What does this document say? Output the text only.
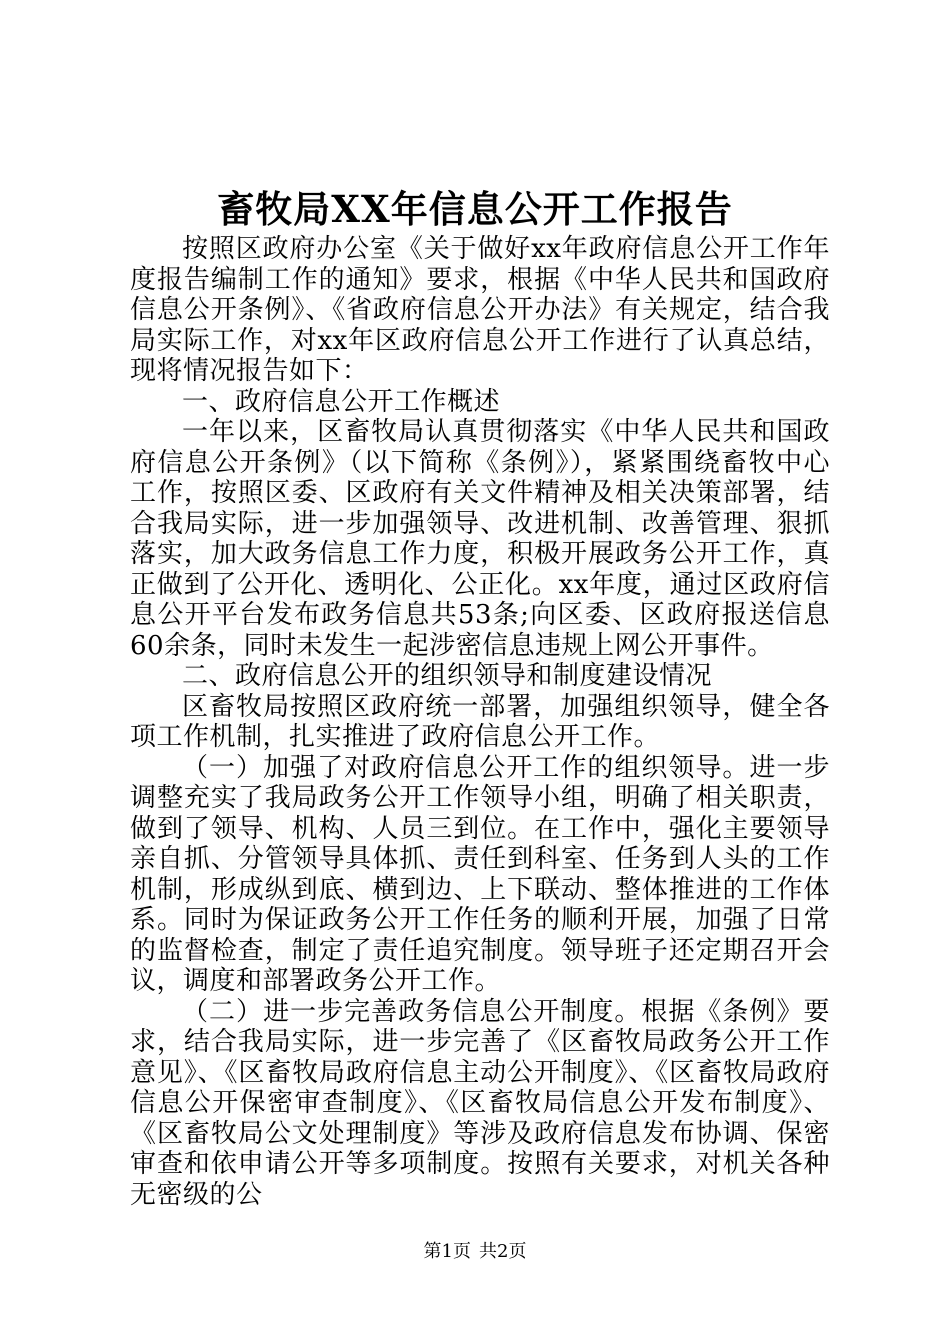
畜牧局XX年信息公开工作报告

按照区政府办公室《关于做好xx年政府信息公开工作年度报告编制工作的通知》要求，根据《中华人民共和国政府信息公开条例》、《省政府信息公开办法》有关规定，结合我局实际工作，对xx年区政府信息公开工作进行了认真总结，现将情况报告如下：

一、政府信息公开工作概述

一年以来，区畜牧局认真贯彻落实《中华人民共和国政府信息公开条例》（以下简称《条例》），紧紧围绕畜牧中心工作，按照区委、区政府有关文件精神及相关决策部署，结合我局实际，进一步加强领导、改进机制、改善管理、狠抓落实，加大政务信息工作力度，积极开展政务公开工作，真正做到了公开化、透明化、公正化。xx年度，通过区政府信息公开平台发布政务信息共53条;向区委、区政府报送信息60余条，同时未发生一起涉密信息违规上网公开事件。

二、政府信息公开的组织领导和制度建设情况

区畜牧局按照区政府统一部署，加强组织领导，健全各项工作机制，扎实推进了政府信息公开工作。

（一）加强了对政府信息公开工作的组织领导。进一步调整充实了我局政务公开工作领导小组，明确了相关职责，做到了领导、机构、人员三到位。在工作中，强化主要领导亲自抓、分管领导具体抓、责任到科室、任务到人头的工作机制，形成纵到底、横到边、上下联动、整体推进的工作体系。同时为保证政务公开工作任务的顺利开展，加强了日常的监督检查，制定了责任追究制度。领导班子还定期召开会议，调度和部署政务公开工作。

（二）进一步完善政务信息公开制度。根据《条例》要求，结合我局实际，进一步完善了《区畜牧局政务公开工作意见》、《区畜牧局政府信息主动公开制度》、《区畜牧局政府信息公开保密审查制度》、《区畜牧局信息公开发布制度》、《区畜牧局公文处理制度》等涉及政府信息发布协调、保密审查和依申请公开等多项制度。按照有关要求，对机关各种无密级的公

第1页 共2页
